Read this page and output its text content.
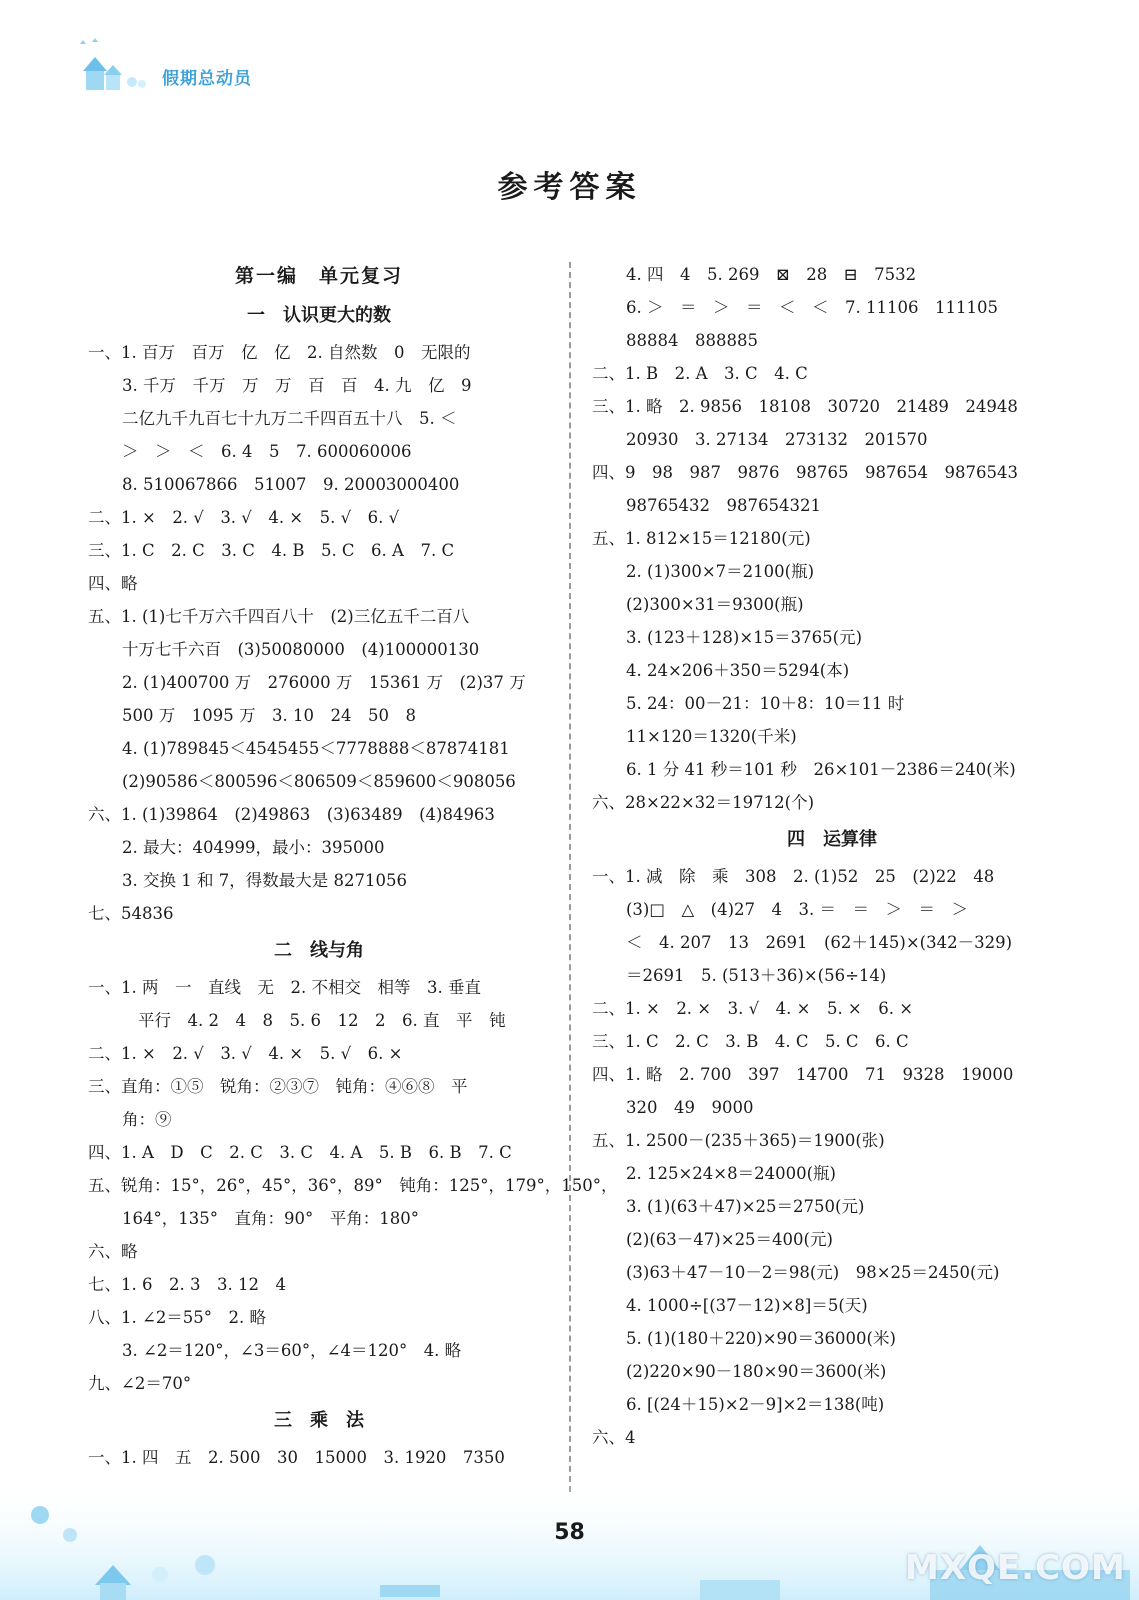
假期总动员
参考答案
第一编　单元复习
一　认识更大的数
一、1. 百万　百万　亿　亿　2. 自然数　0　无限的
3. 千万　千万　万　万　百　百　4. 九　亿　9
二亿九千九百七十九万二千四百五十八　5. ＜
＞　＞　＜　6. 4　5　7. 600060006
8. 510067866　51007　9. 20003000400
二、1. ×　2. √　3. √　4. ×　5. √　6. √
三、1. C　2. C　3. C　4. B　5. C　6. A　7. C
四、略
五、1. (1)七千万六千四百八十　(2)三亿五千二百八
十万七千六百　(3)50080000　(4)100000130
2. (1)400700 万　276000 万　15361 万　(2)37 万
500 万　1095 万　3. 10　24　50　8
4. (1)789845＜4545455＜7778888＜87874181
(2)90586＜800596＜806509＜859600＜908056
六、1. (1)39864　(2)49863　(3)63489　(4)84963
2. 最大：404999，最小：395000
3. 交换 1 和 7，得数最大是 8271056
七、54836
二　线与角
一、1. 两　一　直线　无　2. 不相交　相等　3. 垂直
平行　4. 2　4　8　5. 6　12　2　6. 直　平　钝
二、1. ×　2. √　3. √　4. ×　5. √　6. ×
三、直角：①⑤　锐角：②③⑦　钝角：④⑥⑧　平
角：⑨
四、1. A　D　C　2. C　3. C　4. A　5. B　6. B　7. C
五、锐角：15°，26°，45°，36°，89°　钝角：125°，179°，150°，
164°，135°　直角：90°　平角：180°
六、略
七、1. 6　2. 3　3. 12　4
八、1. ∠2＝55°　2. 略
3. ∠2＝120°，∠3＝60°，∠4＝120°　4. 略
九、∠2＝70°
三　乘　法
一、1. 四　五　2. 500　30　15000　3. 1920　7350
4. 四　4　5. 269　⊠　28　⊟　7532
6. ＞　＝　＞　＝　＜　＜　7. 11106　111105
88884　888885
二、1. B　2. A　3. C　4. C
三、1. 略　2. 9856　18108　30720　21489　24948
20930　3. 27134　273132　201570
四、9　98　987　9876　98765　987654　9876543
98765432　987654321
五、1. 812×15＝12180(元)
2. (1)300×7＝2100(瓶)
(2)300×31＝9300(瓶)
3. (123＋128)×15＝3765(元)
4. 24×206＋350＝5294(本)
5. 24：00－21：10＋8：10＝11 时
11×120＝1320(千米)
6. 1 分 41 秒＝101 秒　26×101－2386＝240(米)
六、28×22×32＝19712(个)
四　运算律
一、1. 减　除　乘　308　2. (1)52　25　(2)22　48
(3)□　△　(4)27　4　3. ＝　＝　＞　＝　＞
＜　4. 207　13　2691　(62＋145)×(342－329)
＝2691　5. (513＋36)×(56÷14)
二、1. ×　2. ×　3. √　4. ×　5. ×　6. ×
三、1. C　2. C　3. B　4. C　5. C　6. C
四、1. 略　2. 700　397　14700　71　9328　19000
320　49　9000
五、1. 2500－(235＋365)＝1900(张)
2. 125×24×8＝24000(瓶)
3. (1)(63＋47)×25＝2750(元)
(2)(63－47)×25＝400(元)
(3)63＋47－10－2＝98(元)　98×25＝2450(元)
4. 1000÷[(37－12)×8]＝5(天)
5. (1)(180＋220)×90＝36000(米)
(2)220×90－180×90＝3600(米)
6. [(24＋15)×2－9]×2＝138(吨)
六、4
58
MXQE.COM
